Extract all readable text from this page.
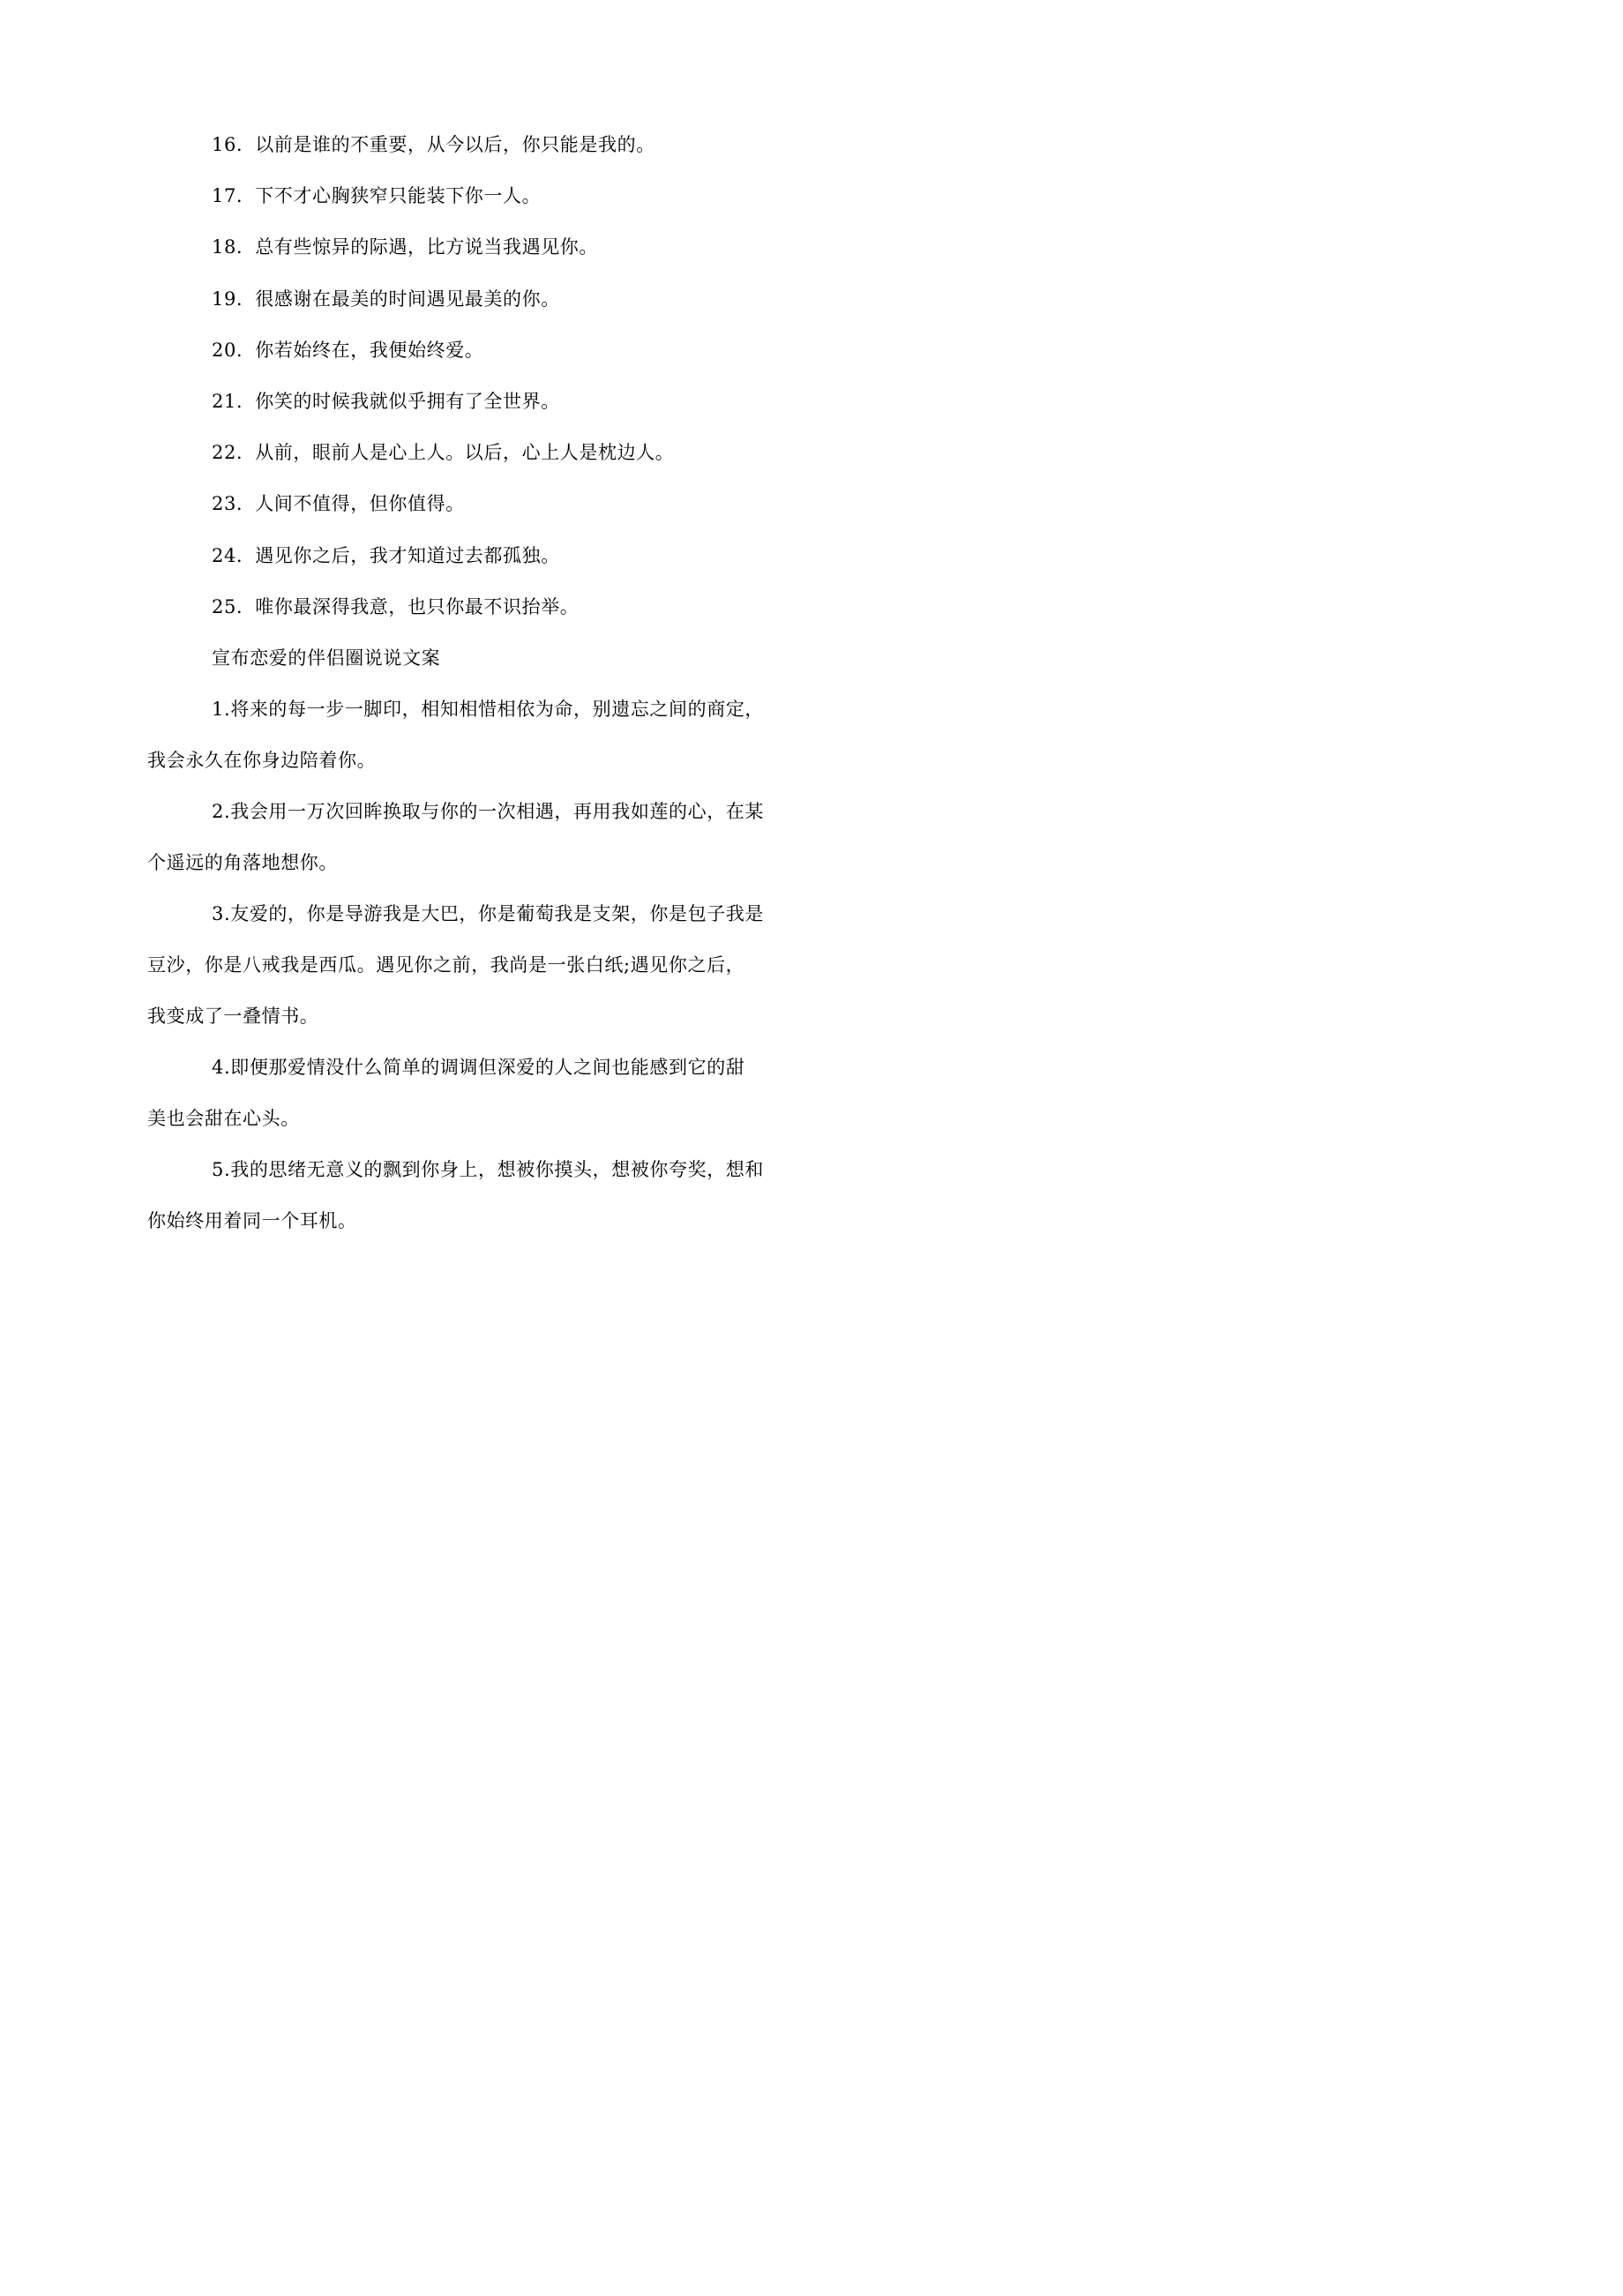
16. 以前是谁的不重要，从今以后，你只能是我的。
17. 下不才心胸狭窄只能装下你一人。
18. 总有些惊异的际遇，比方说当我遇见你。
19. 很感谢在最美的时间遇见最美的你。
20. 你若始终在，我便始终爱。
21. 你笑的时候我就似乎拥有了全世界。
22. 从前，眼前人是心上人。以后，心上人是枕边人。
23. 人间不值得，但你值得。
24. 遇见你之后，我才知道过去都孤独。
25. 唯你最深得我意，也只你最不识抬举。
宣布恋爱的伴侣圈说说文案
1.将来的每一步一脚印，相知相惜相依为命，别遗忘之间的商定，
我会永久在你身边陪着你。
2.我会用一万次回眸换取与你的一次相遇，再用我如莲的心，在某
个遥远的角落地想你。
3.友爱的，你是导游我是大巴，你是葡萄我是支架，你是包子我是
豆沙，你是八戒我是西瓜。遇见你之前，我尚是一张白纸;遇见你之后，
我变成了一叠情书。
4.即便那爱情没什么简单的调调但深爱的人之间也能感到它的甜
美也会甜在心头。
5.我的思绪无意义的飘到你身上，想被你摸头，想被你夸奖，想和
你始终用着同一个耳机。
